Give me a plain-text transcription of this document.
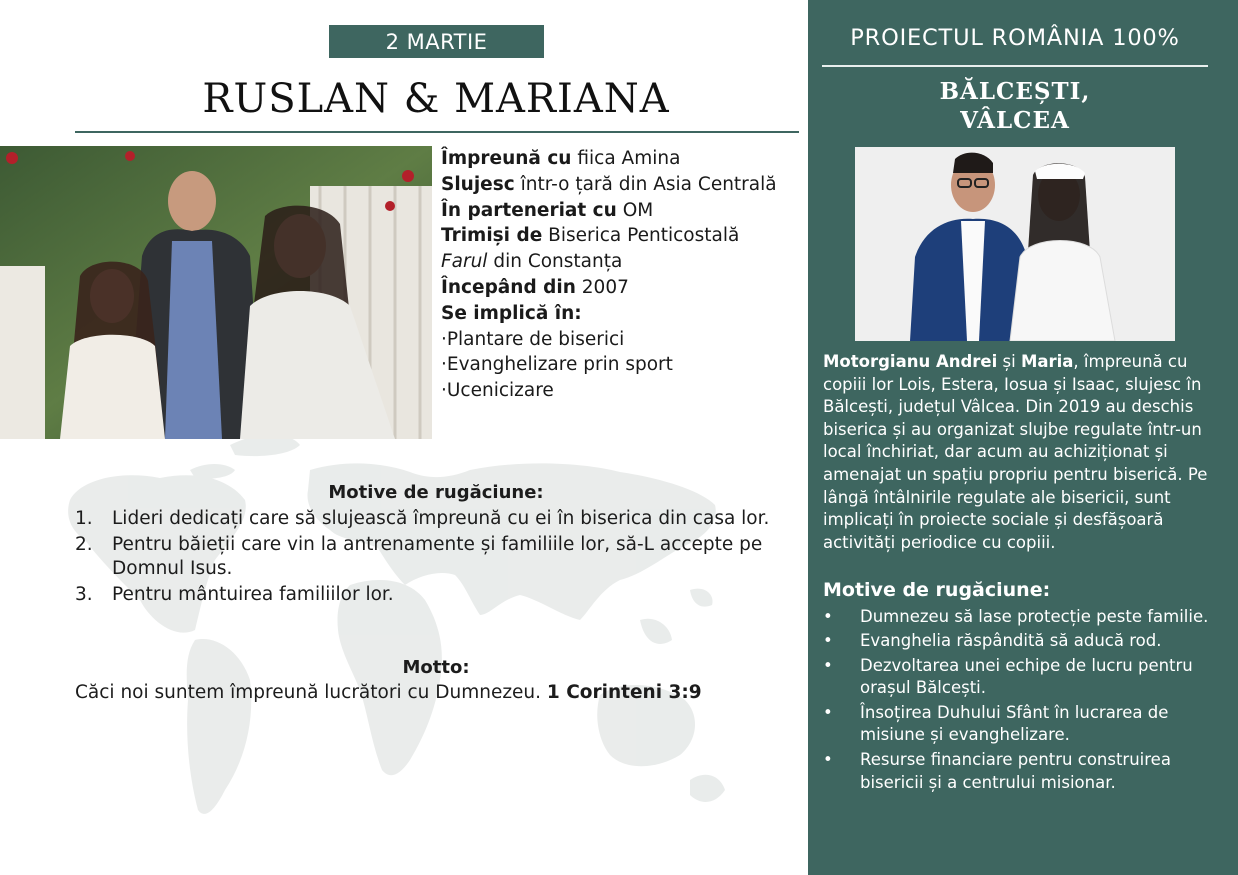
2 MARTIE
RUSLAN & MARIANA
Împreună cu fiica Amina
Slujesc într-o țară din Asia Centrală
În parteneriat cu OM
Trimiși de Biserica Penticostală
Farul din Constanța
Începând din 2007
Se implică în:
·Plantare de biserici
·Evanghelizare prin sport
·Ucenicizare
Motive de rugăciune:
1. Lideri dedicați care să slujească împreună cu ei în biserica din casa lor.
2. Pentru băieții care vin la antrenamente și familiile lor, să-L accepte pe Domnul Isus.
3. Pentru mântuirea familiilor lor.
Motto:
Căci noi suntem împreună lucrători cu Dumnezeu. 1 Corinteni 3:9
PROIECTUL ROMÂNIA 100%
BĂLCEȘTI,
VÂLCEA
Motorgianu Andrei și Maria, împreună cu copiii lor Lois, Estera, Iosua și Isaac, slujesc în Bălcești, județul Vâlcea. Din 2019 au deschis biserica și au organizat slujbe regulate într-un local închiriat, dar acum au achiziționat și amenajat un spațiu propriu pentru biserică. Pe lângă întâlnirile regulate ale bisericii, sunt implicați în proiecte sociale și desfășoară activități periodice cu copiii.
Motive de rugăciune:
• Dumnezeu să lase protecție peste familie.
• Evanghelia răspândită să aducă rod.
• Dezvoltarea unei echipe de lucru pentru orașul Bălcești.
• Însoțirea Duhului Sfânt în lucrarea de misiune și evanghelizare.
• Resurse financiare pentru construirea bisericii și a centrului misionar.
